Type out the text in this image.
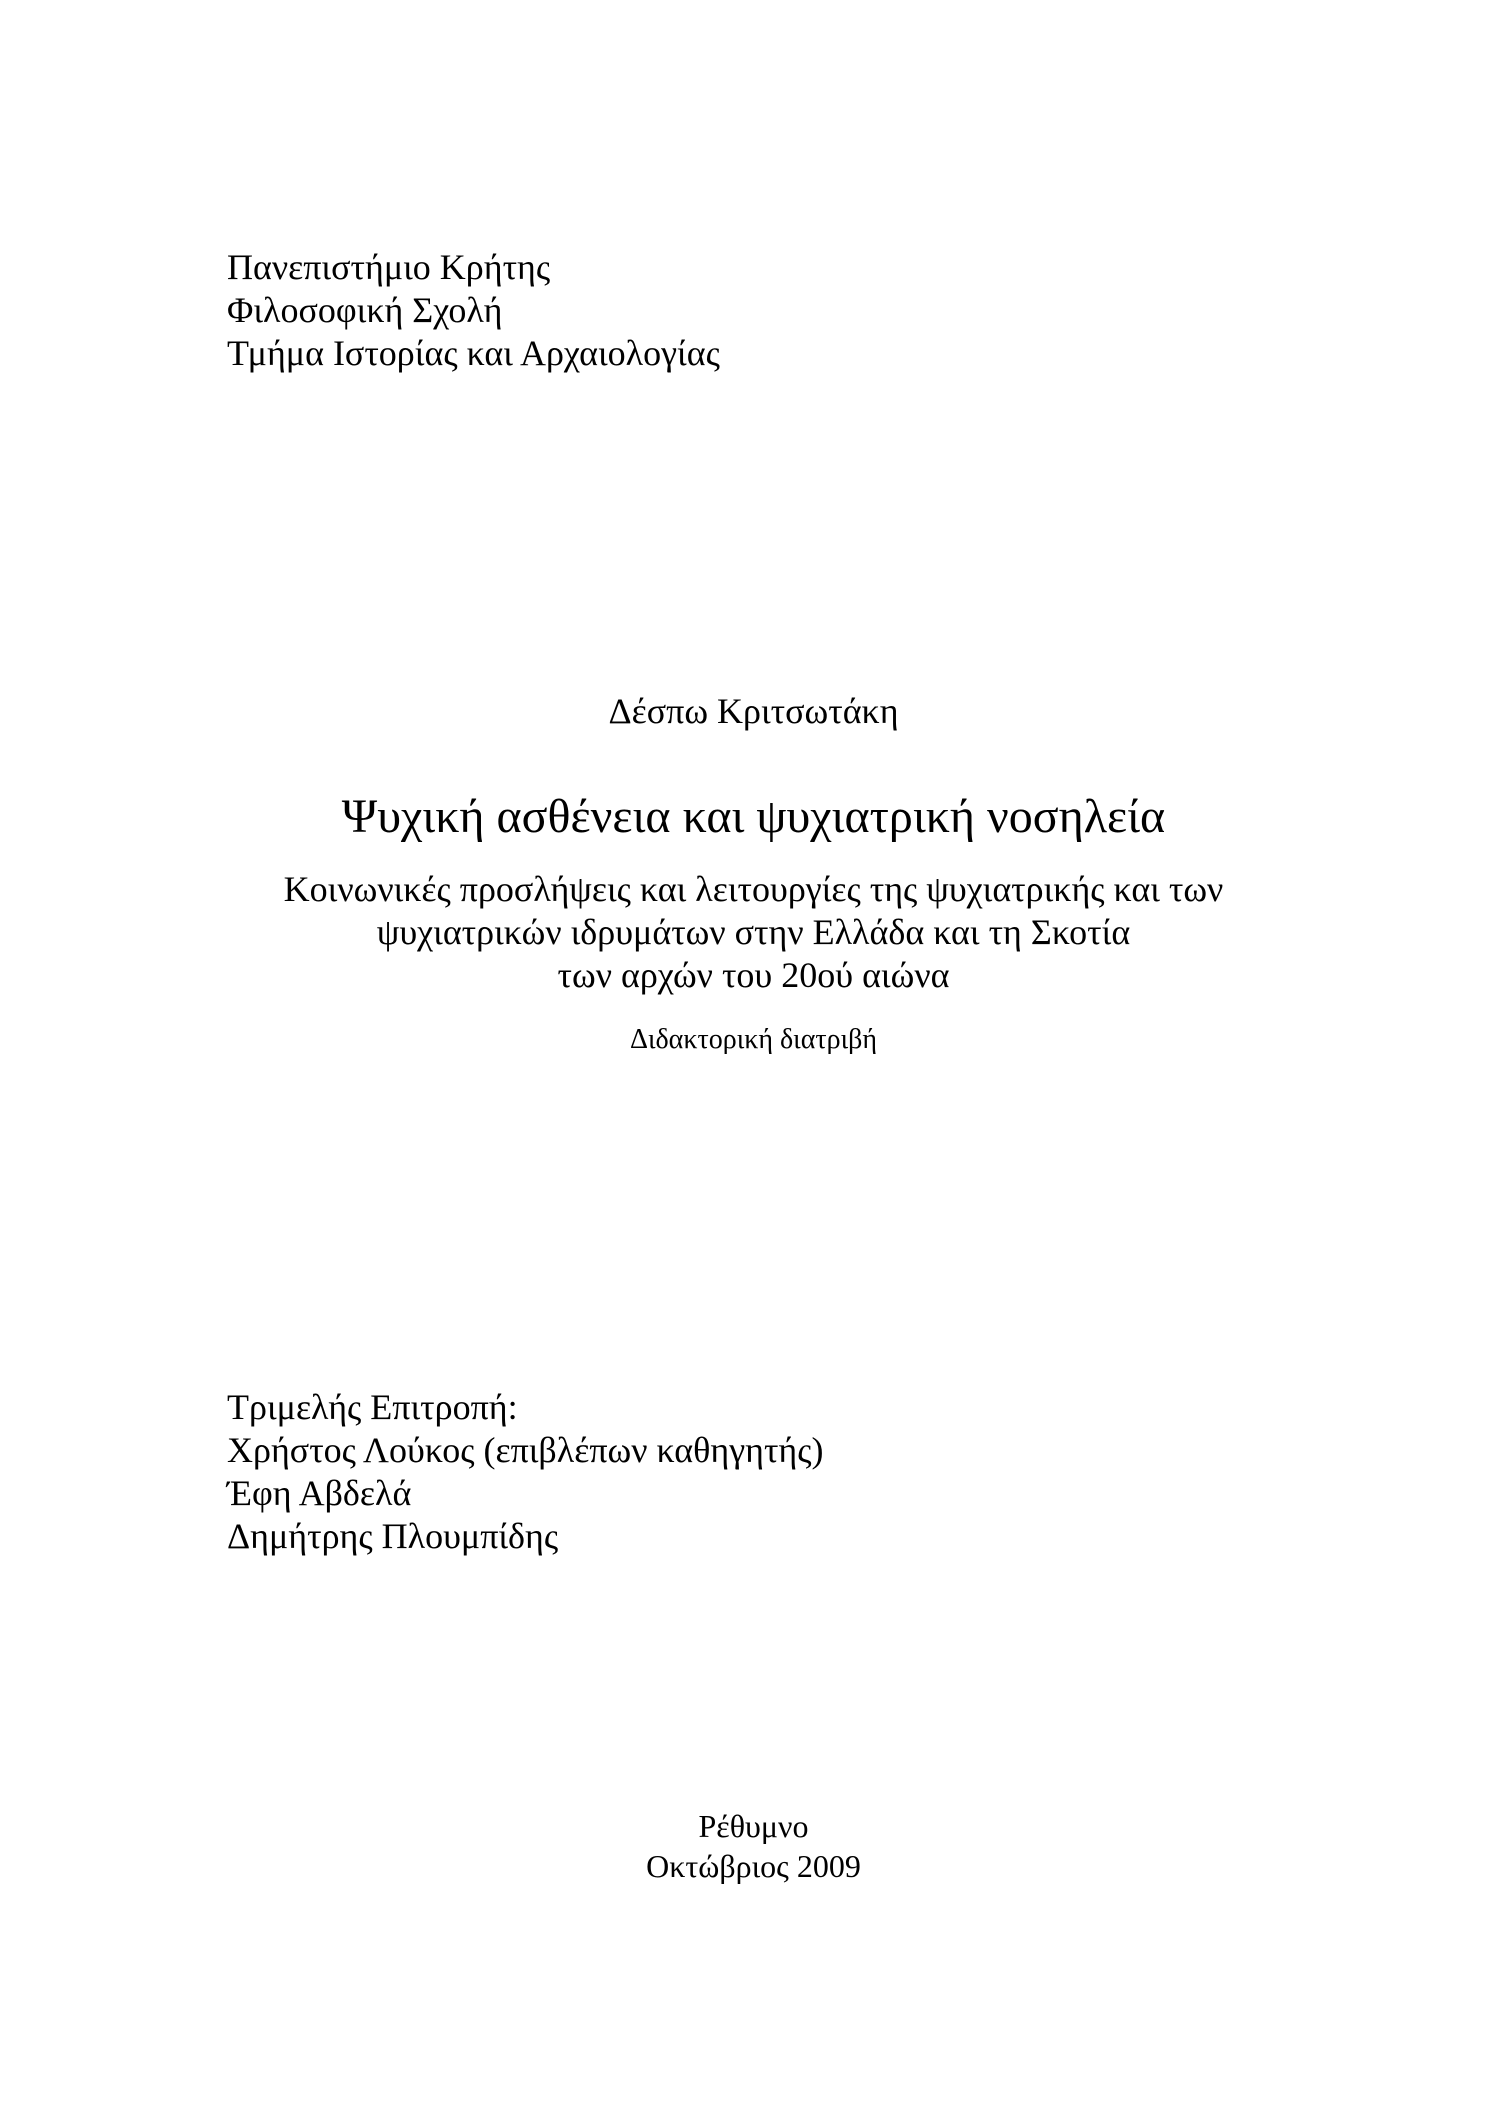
Πανεπιστήμιο Κρήτης
Φιλοσοφική Σχολή
Τμήμα Ιστορίας και Αρχαιολογίας
Δέσπω Κριτσωτάκη
Ψυχική ασθένεια και ψυχιατρική νοσηλεία
Κοινωνικές προσλήψεις και λειτουργίες της ψυχιατρικής και των
ψυχιατρικών ιδρυμάτων στην Ελλάδα και τη Σκοτία
των αρχών του 20ού αιώνα
Διδακτορική διατριβή
Τριμελής Επιτροπή:
Χρήστος Λούκος (επιβλέπων καθηγητής)
Έφη Αβδελά
Δημήτρης Πλουμπίδης
Ρέθυμνο
Οκτώβριος 2009
